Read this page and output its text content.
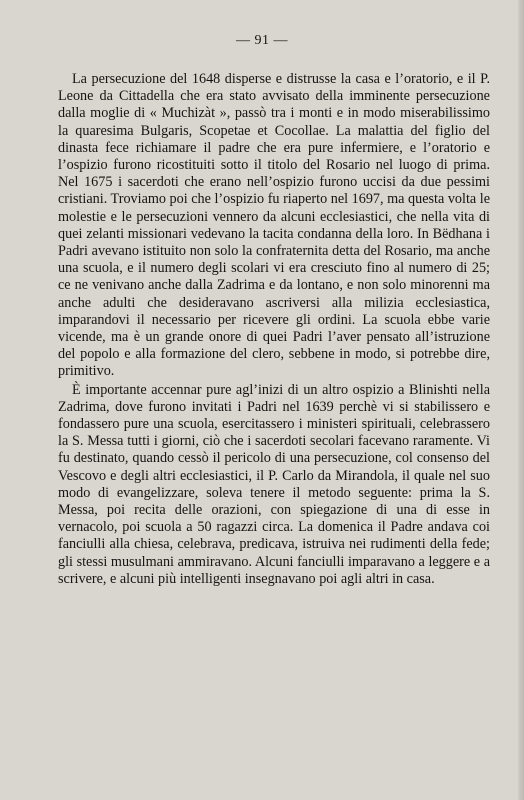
— 91 —

La persecuzione del 1648 disperse e distrusse la casa e l’oratorio, e il P. Leone da Cittadella che era stato avvisato della imminente persecuzione dalla moglie di « Muchizàt », passò tra i monti e in modo miserabilissimo la quaresima Bulgaris, Scopetae et Cocollae. La malattia del figlio del dinasta fece richiamare il padre che era pure infermiere, e l’oratorio e l’ospizio furono ricostituiti sotto il titolo del Rosario nel luogo di prima. Nel 1675 i sacerdoti che erano nell’ospizio furono uccisi da due pessimi cristiani. Troviamo poi che l’ospizio fu riaperto nel 1697, ma questa volta le molestie e le persecuzioni vennero da alcuni ecclesiastici, che nella vita di quei zelanti missionari vedevano la tacita condanna della loro. In Bëdhana i Padri avevano istituito non solo la confraternita detta del Rosario, ma anche una scuola, e il numero degli scolari vi era cresciuto fino al numero di 25; ce ne venivano anche dalla Zadrima e da lontano, e non solo minorenni ma anche adulti che desideravano ascriversi alla milizia ecclesiastica, imparandovi il necessario per ricevere gli ordini. La scuola ebbe varie vicende, ma è un grande onore di quei Padri l’aver pensato all’istruzione del popolo e alla formazione del clero, sebbene in modo, si potrebbe dire, primitivo.

È importante accennar pure agl’inizi di un altro ospizio a Blinishti nella Zadrima, dove furono invitati i Padri nel 1639 perchè vi si stabilissero e fondassero pure una scuola, esercitassero i ministeri spirituali, celebrassero la S. Messa tutti i giorni, ciò che i sacerdoti secolari facevano raramente. Vi fu destinato, quando cessò il pericolo di una persecuzione, col consenso del Vescovo e degli altri ecclesiastici, il P. Carlo da Mirandola, il quale nel suo modo di evangelizzare, soleva tenere il metodo seguente: prima la S. Messa, poi recita delle orazioni, con spiegazione di una di esse in vernacolo, poi scuola a 50 ragazzi circa. La domenica il Padre andava coi fanciulli alla chiesa, celebrava, predicava, istruiva nei rudimenti della fede; gli stessi musulmani ammiravano. Alcuni fanciulli imparavano a leggere e a scrivere, e alcuni più intelligenti insegnavano poi agli altri in casa.
